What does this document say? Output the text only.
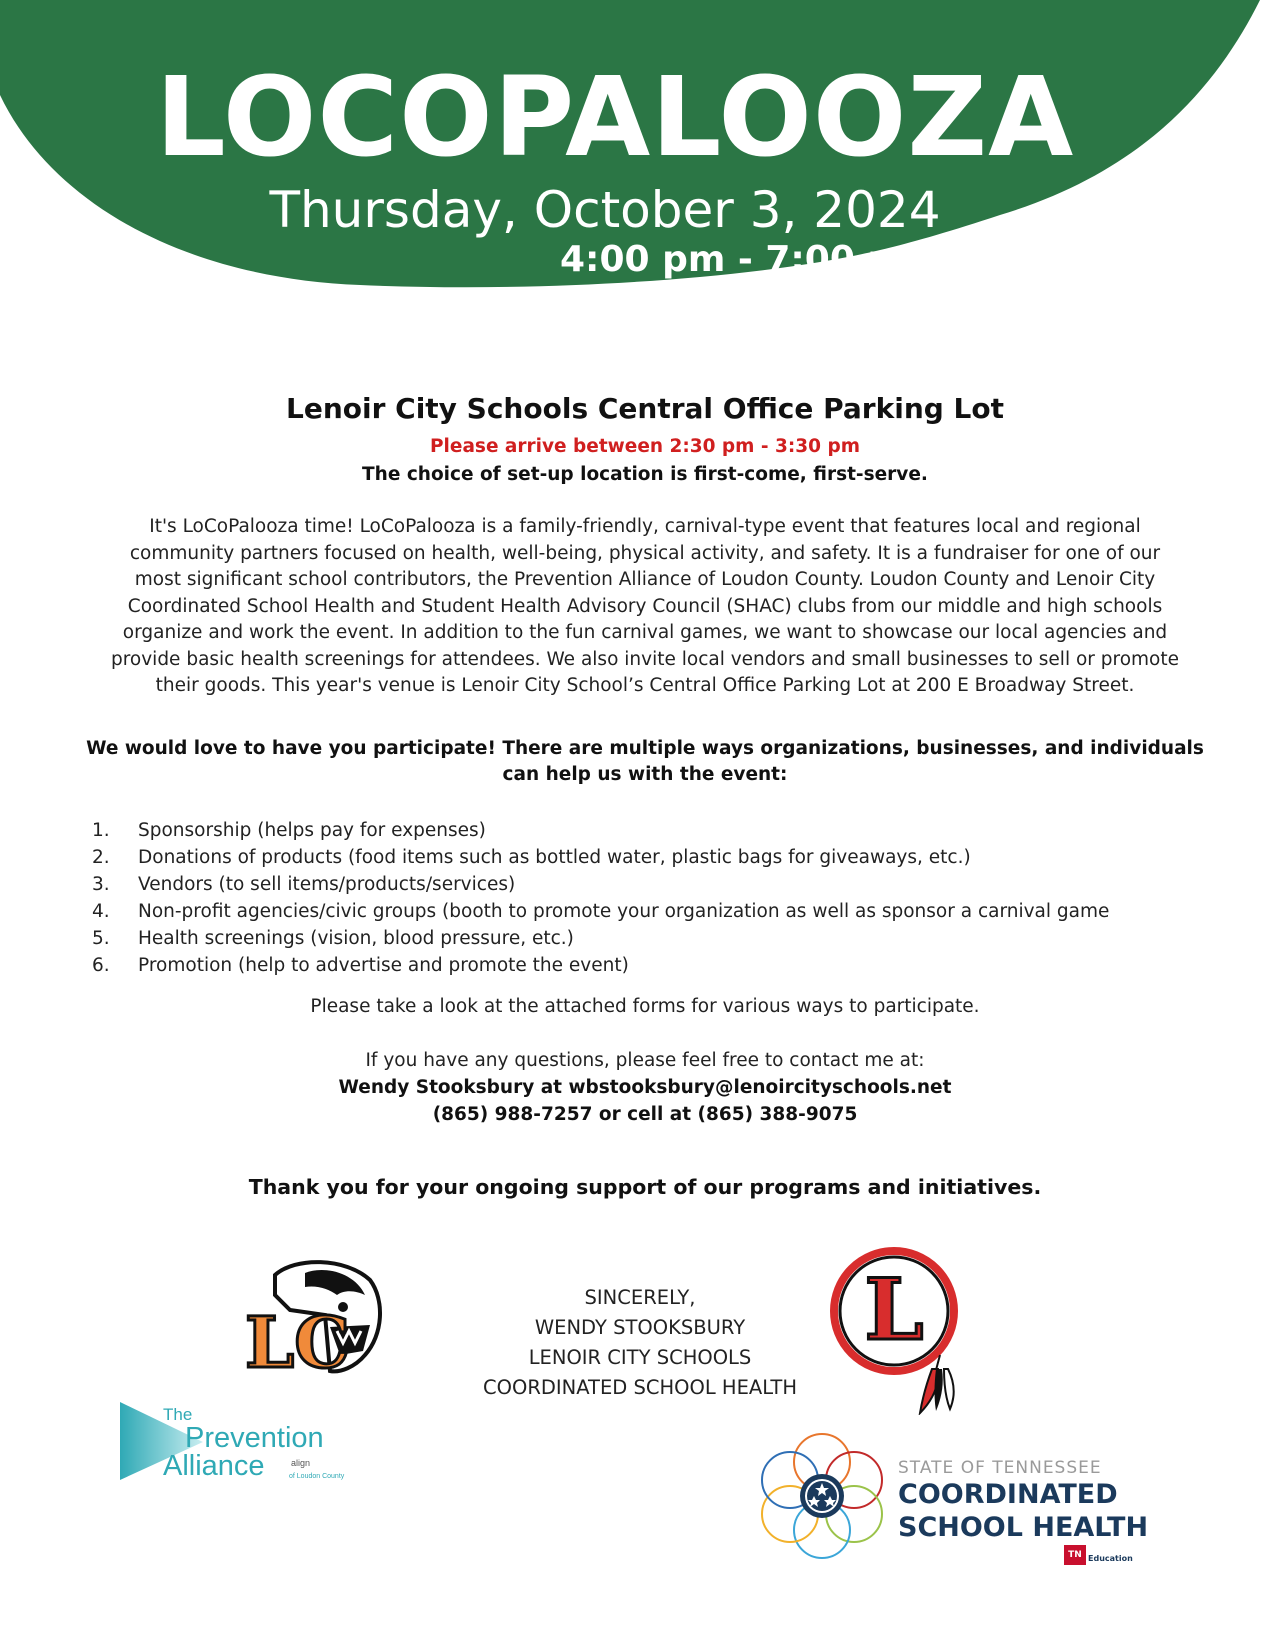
LOCOPALOOZA
Thursday, October 3, 2024
4:00 pm - 7:00 pm
Lenoir City Schools Central Office Parking Lot
Please arrive between 2:30 pm - 3:30 pm
The choice of set-up location is first-come, first-serve.
It's LoCoPalooza time! LoCoPalooza is a family-friendly, carnival-type event that features local and regional
community partners focused on health, well-being, physical activity, and safety. It is a fundraiser for one of our
most significant school contributors, the Prevention Alliance of Loudon County. Loudon County and Lenoir City
Coordinated School Health and Student Health Advisory Council (SHAC) clubs from our middle and high schools
organize and work the event. In addition to the fun carnival games, we want to showcase our local agencies and
provide basic health screenings for attendees. We also invite local vendors and small businesses to sell or promote
their goods. This year's venue is Lenoir City School’s Central Office Parking Lot at 200 E Broadway Street.
We would love to have you participate! There are multiple ways organizations, businesses, and individuals
can help us with the event:
1. Sponsorship (helps pay for expenses)
2. Donations of products (food items such as bottled water, plastic bags for giveaways, etc.)
3. Vendors (to sell items/products/services)
4. Non-profit agencies/civic groups (booth to promote your organization as well as sponsor a carnival game
5. Health screenings (vision, blood pressure, etc.)
6. Promotion (help to advertise and promote the event)
Please take a look at the attached forms for various ways to participate.
If you have any questions, please feel free to contact me at:
Wendy Stooksbury at wbstooksbury@lenoircityschools.net
(865) 988-7257 or cell at (865) 388-9075
Thank you for your ongoing support of our programs and initiatives.
SINCERELY,
WENDY STOOKSBURY
LENOIR CITY SCHOOLS
COORDINATED SCHOOL HEALTH
LC	L
The
Prevention
Alliance	align
of Loudon County	STATE OF TENNESSEE
COORDINATED
SCHOOL HEALTH
TN Education
